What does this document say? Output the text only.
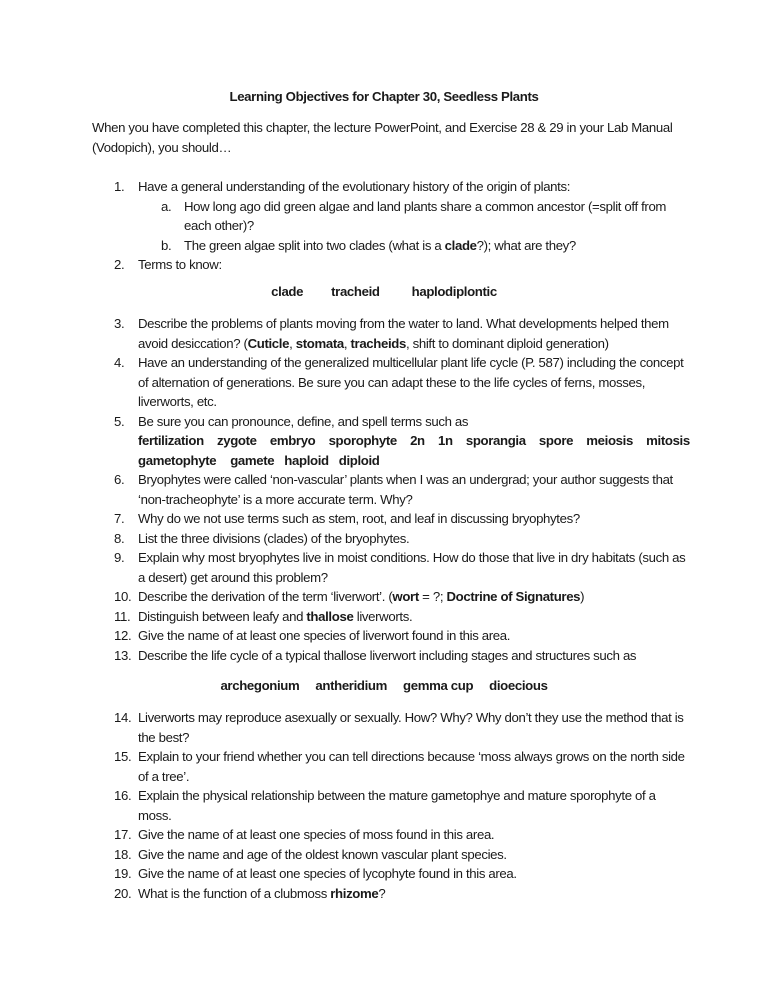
Learning Objectives for Chapter 30, Seedless Plants
When you have completed this chapter, the lecture PowerPoint, and Exercise 28 & 29 in your Lab Manual (Vodopich), you should…
1. Have a general understanding of the evolutionary history of the origin of plants:
a. How long ago did green algae and land plants share a common ancestor (=split off from each other)?
b. The green algae split into two clades (what is a clade?); what are they?
2. Terms to know:
clade tracheid haplodiplontic
3. Describe the problems of plants moving from the water to land. What developments helped them avoid desiccation? (Cuticle, stomata, tracheids, shift to dominant diploid generation)
4. Have an understanding of the generalized multicellular plant life cycle (P. 587) including the concept of alternation of generations. Be sure you can adapt these to the life cycles of ferns, mosses, liverworts, etc.
5. Be sure you can pronounce, define, and spell terms such as
fertilization zygote embryo sporophyte 2n 1n sporangia spore meiosis mitosis
gametophyte gamete haploid diploid
6. Bryophytes were called ‘non-vascular’ plants when I was an undergrad; your author suggests that ‘non-tracheophyte’ is a more accurate term. Why?
7. Why do we not use terms such as stem, root, and leaf in discussing bryophytes?
8. List the three divisions (clades) of the bryophytes.
9. Explain why most bryophytes live in moist conditions. How do those that live in dry habitats (such as a desert) get around this problem?
10. Describe the derivation of the term ‘liverwort’. (wort = ?; Doctrine of Signatures)
11. Distinguish between leafy and thallose liverworts.
12. Give the name of at least one species of liverwort found in this area.
13. Describe the life cycle of a typical thallose liverwort including stages and structures such as
archegonium antheridium gemma cup dioecious
14. Liverworts may reproduce asexually or sexually. How? Why? Why don’t they use the method that is the best?
15. Explain to your friend whether you can tell directions because ‘moss always grows on the north side of a tree’.
16. Explain the physical relationship between the mature gametophye and mature sporophyte of a moss.
17. Give the name of at least one species of moss found in this area.
18. Give the name and age of the oldest known vascular plant species.
19. Give the name of at least one species of lycophyte found in this area.
20. What is the function of a clubmoss rhizome?
